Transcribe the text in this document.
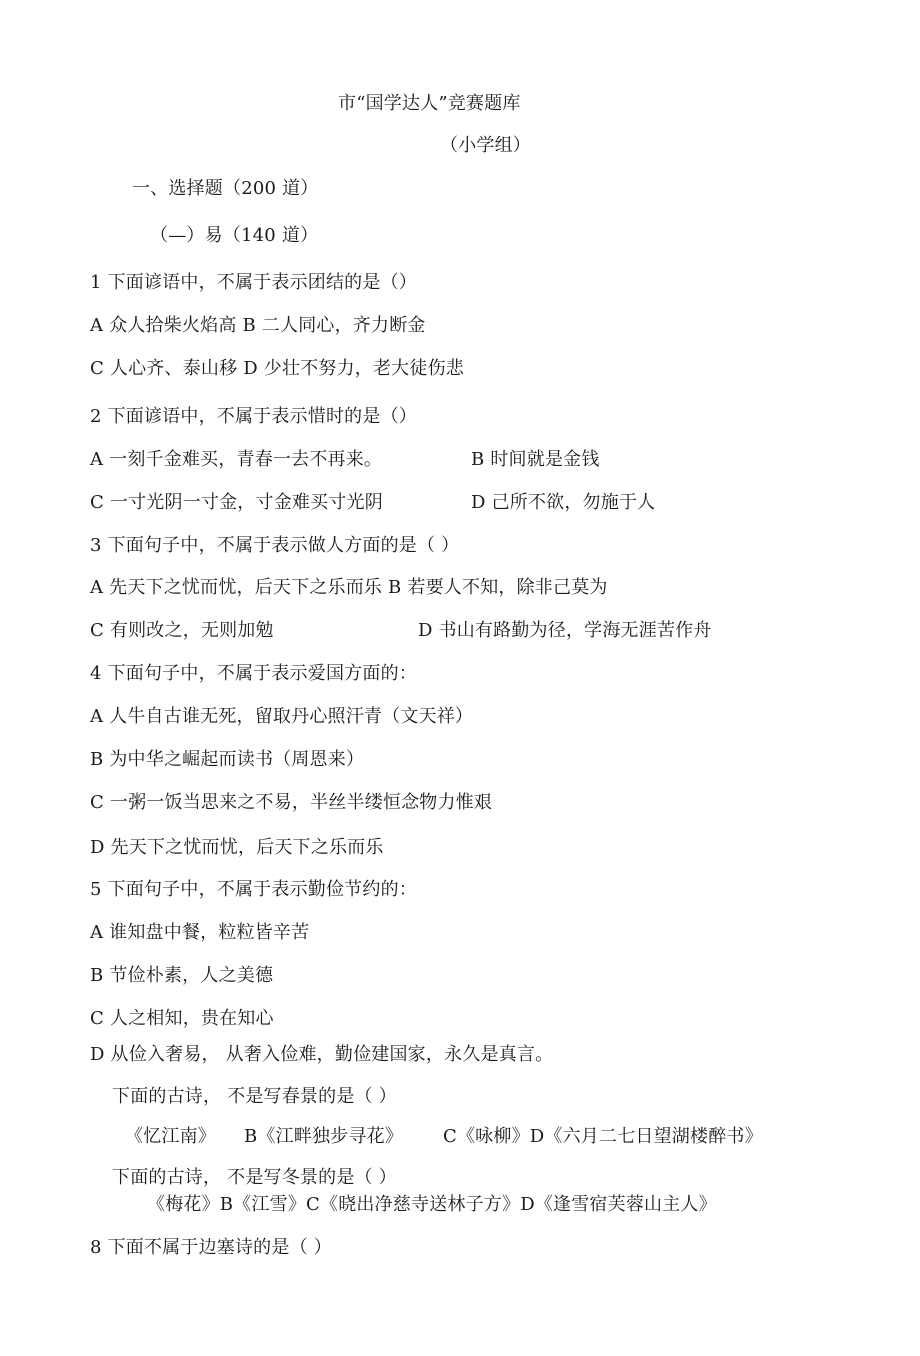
市“国学达人”竞赛题库
（小学组）
一、选择题（200 道）
（—）易（140 道）
1 下面谚语中，不属于表示团结的是（）
A 众人拾柴火焰高 B 二人同心，齐力断金
C 人心齐、泰山移 D 少壮不努力，老大徒伤悲
2 下面谚语中，不属于表示惜时的是（）
A 一刻千金难买，青春一去不再来。	B 时间就是金钱
C 一寸光阴一寸金，寸金难买寸光阴	D 己所不欲，勿施于人
3 下面句子中，不属于表示做人方面的是（ ）
A 先天下之忧而忧，后天下之乐而乐 B 若要人不知，除非己莫为
C 有则改之，无则加勉	D 书山有路勤为径，学海无涯苦作舟
4 下面句子中，不属于表示爱国方面的：
A 人牛自古谁无死，留取丹心照汗青（文天祥）
B 为中华之崛起而读书（周恩来）
C 一粥一饭当思来之不易，半丝半缕恒念物力惟艰
D 先天下之忧而忧，后天下之乐而乐
5 下面句子中，不属于表示勤俭节约的：
A 谁知盘中餐，粒粒皆辛苦
B 节俭朴素，人之美德
C 人之相知，贵在知心
D 从俭入奢易， 从奢入俭难，勤俭建国家，永久是真言。
下面的古诗， 不是写春景的是（ ）
《忆江南》 B《江畔独步寻花》 C《咏柳》D《六月二七日望湖楼醉书》
下面的古诗， 不是写冬景的是（ ）
《梅花》B《江雪》C《晓出净慈寺送林子方》D《逢雪宿芙蓉山主人》
8 下面不属于边塞诗的是（ ）
